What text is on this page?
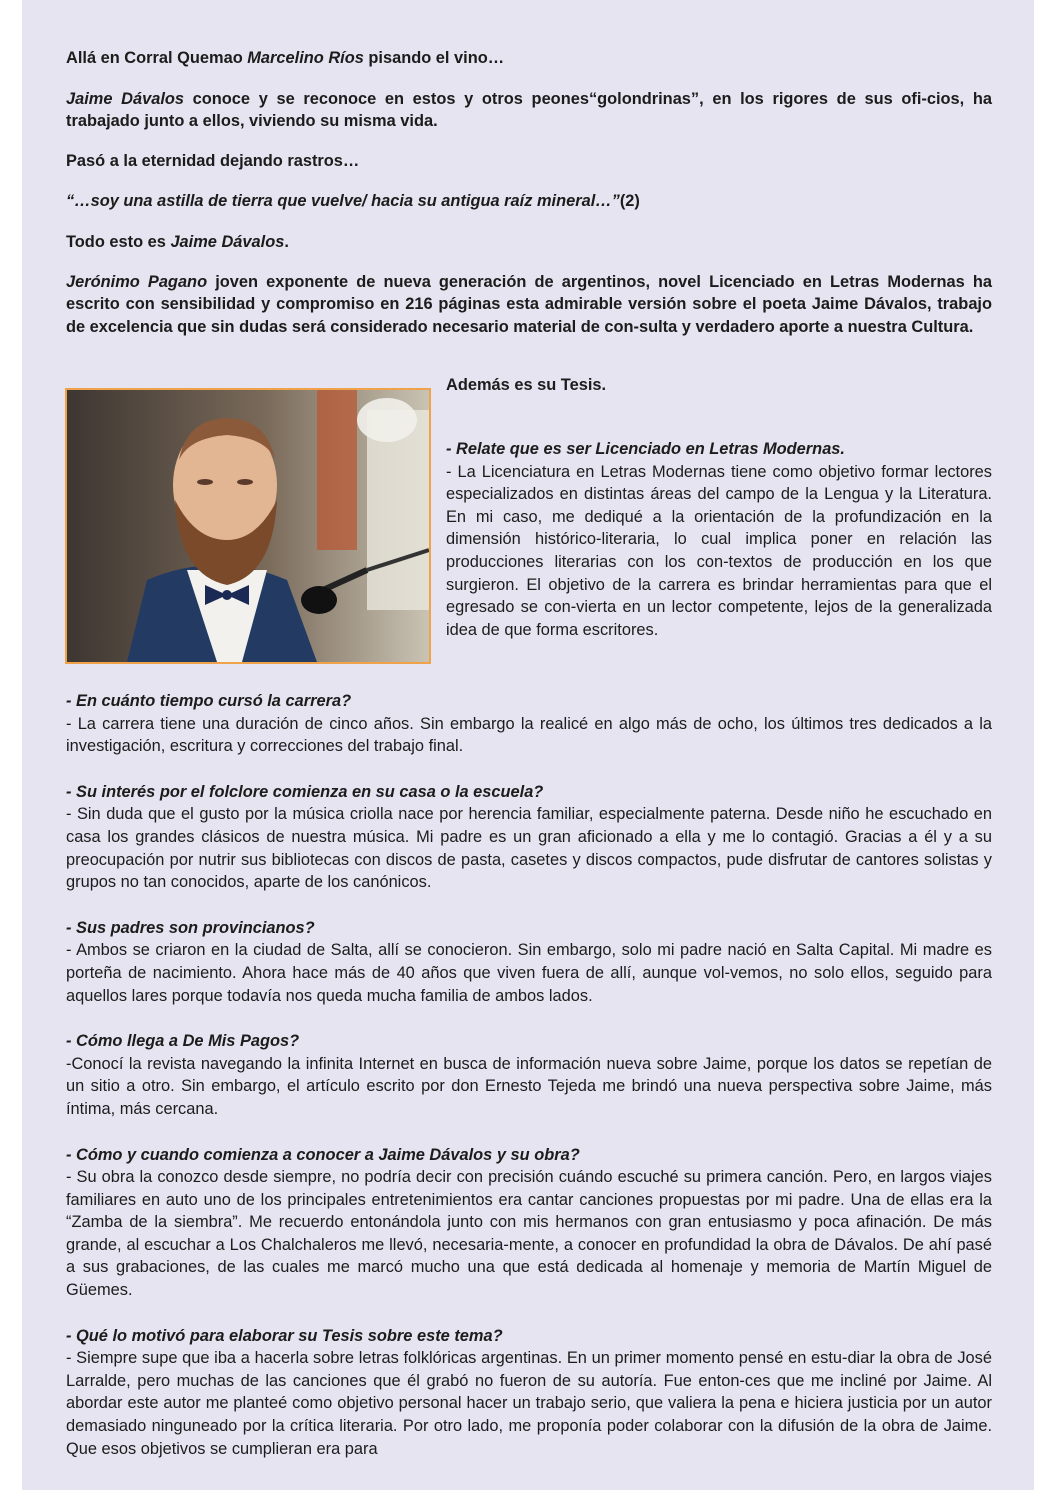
Allá en Corral Quemao Marcelino Ríos pisando el vino…

Jaime Dávalos conoce y se reconoce en estos y otros peones“golondrinas”, en los rigores de sus ofi-cios, ha trabajado junto a ellos, viviendo su misma vida.

Pasó a la eternidad dejando rastros…

“…soy una astilla de tierra que vuelve/ hacia su antigua raíz mineral…”(2)

Todo esto es Jaime Dávalos.

Jerónimo Pagano joven exponente de nueva generación de argentinos, novel Licenciado en Letras Modernas ha escrito con sensibilidad y compromiso en 216 páginas esta admirable versión sobre el poeta Jaime Dávalos, trabajo de excelencia que sin dudas será considerado necesario material de con-sulta y verdadero aporte a nuestra Cultura.

Además es su Tesis.

- Relate que es ser Licenciado en Letras Modernas.

- La Licenciatura en Letras Modernas tiene como objetivo formar lectores especializados en distintas áreas del campo de la Lengua y la Literatura. En mi caso, me dediqué a la orientación de la profundización en la dimensión histórico-literaria, lo cual implica poner en relación las producciones literarias con los con-textos de producción en los que surgieron. El objetivo de la carrera es brindar herramientas para que el egresado se con-vierta en un lector competente, lejos de la generalizada idea de que forma escritores.

- En cuánto tiempo cursó la carrera?

- La carrera tiene una duración de cinco años. Sin embargo la realicé en algo más de ocho, los últimos tres dedicados a la investigación, escritura y correcciones del trabajo final.

- Su interés por el folclore comienza en su casa o la escuela?

- Sin duda que el gusto por la música criolla nace por herencia familiar, especialmente paterna. Desde niño he escuchado en casa los grandes clásicos de nuestra música. Mi padre es un gran aficionado a ella y me lo contagió. Gracias a él y a su preocupación por nutrir sus bibliotecas con discos de pasta, casetes y discos compactos, pude disfrutar de cantores solistas y grupos no tan conocidos, aparte de los canónicos.

- Sus padres son provincianos?

- Ambos se criaron en la ciudad de Salta, allí se conocieron. Sin embargo, solo mi padre nació en Salta Capital. Mi madre es porteña de nacimiento. Ahora hace más de 40 años que viven fuera de allí, aunque vol-vemos, no solo ellos, seguido para aquellos lares porque todavía nos queda mucha familia de ambos lados.

- Cómo llega a De Mis Pagos?

-Conocí la revista navegando la infinita Internet en busca de información nueva sobre Jaime, porque los datos se repetían de un sitio a otro. Sin embargo, el artículo escrito por don Ernesto Tejeda me brindó una nueva perspectiva sobre Jaime, más íntima, más cercana.

- Cómo y cuando comienza a conocer a Jaime Dávalos y su obra?

- Su obra la conozco desde siempre, no podría decir con precisión cuándo escuché su primera canción. Pero, en largos viajes familiares en auto uno de los principales entretenimientos era cantar canciones propuestas por mi padre. Una de ellas era la “Zamba de la siembra”. Me recuerdo entonándola junto con mis hermanos con gran entusiasmo y poca afinación. De más grande, al escuchar a Los Chalchaleros me llevó, necesaria-mente, a conocer en profundidad la obra de Dávalos. De ahí pasé a sus grabaciones, de las cuales me marcó mucho una que está dedicada al homenaje y memoria de Martín Miguel de Güemes.

- Qué lo motivó para elaborar su Tesis sobre este tema?

- Siempre supe que iba a hacerla sobre letras folklóricas argentinas. En un primer momento pensé en estu-diar la obra de José Larralde, pero muchas de las canciones que él grabó no fueron de su autoría. Fue enton-ces que me incliné por Jaime. Al abordar este autor me planteé como objetivo personal hacer un trabajo serio, que valiera la pena e hiciera justicia por un autor demasiado ninguneado por la crítica literaria. Por otro lado, me proponía poder colaborar con la difusión de la obra de Jaime. Que esos objetivos se cumplieran era para
